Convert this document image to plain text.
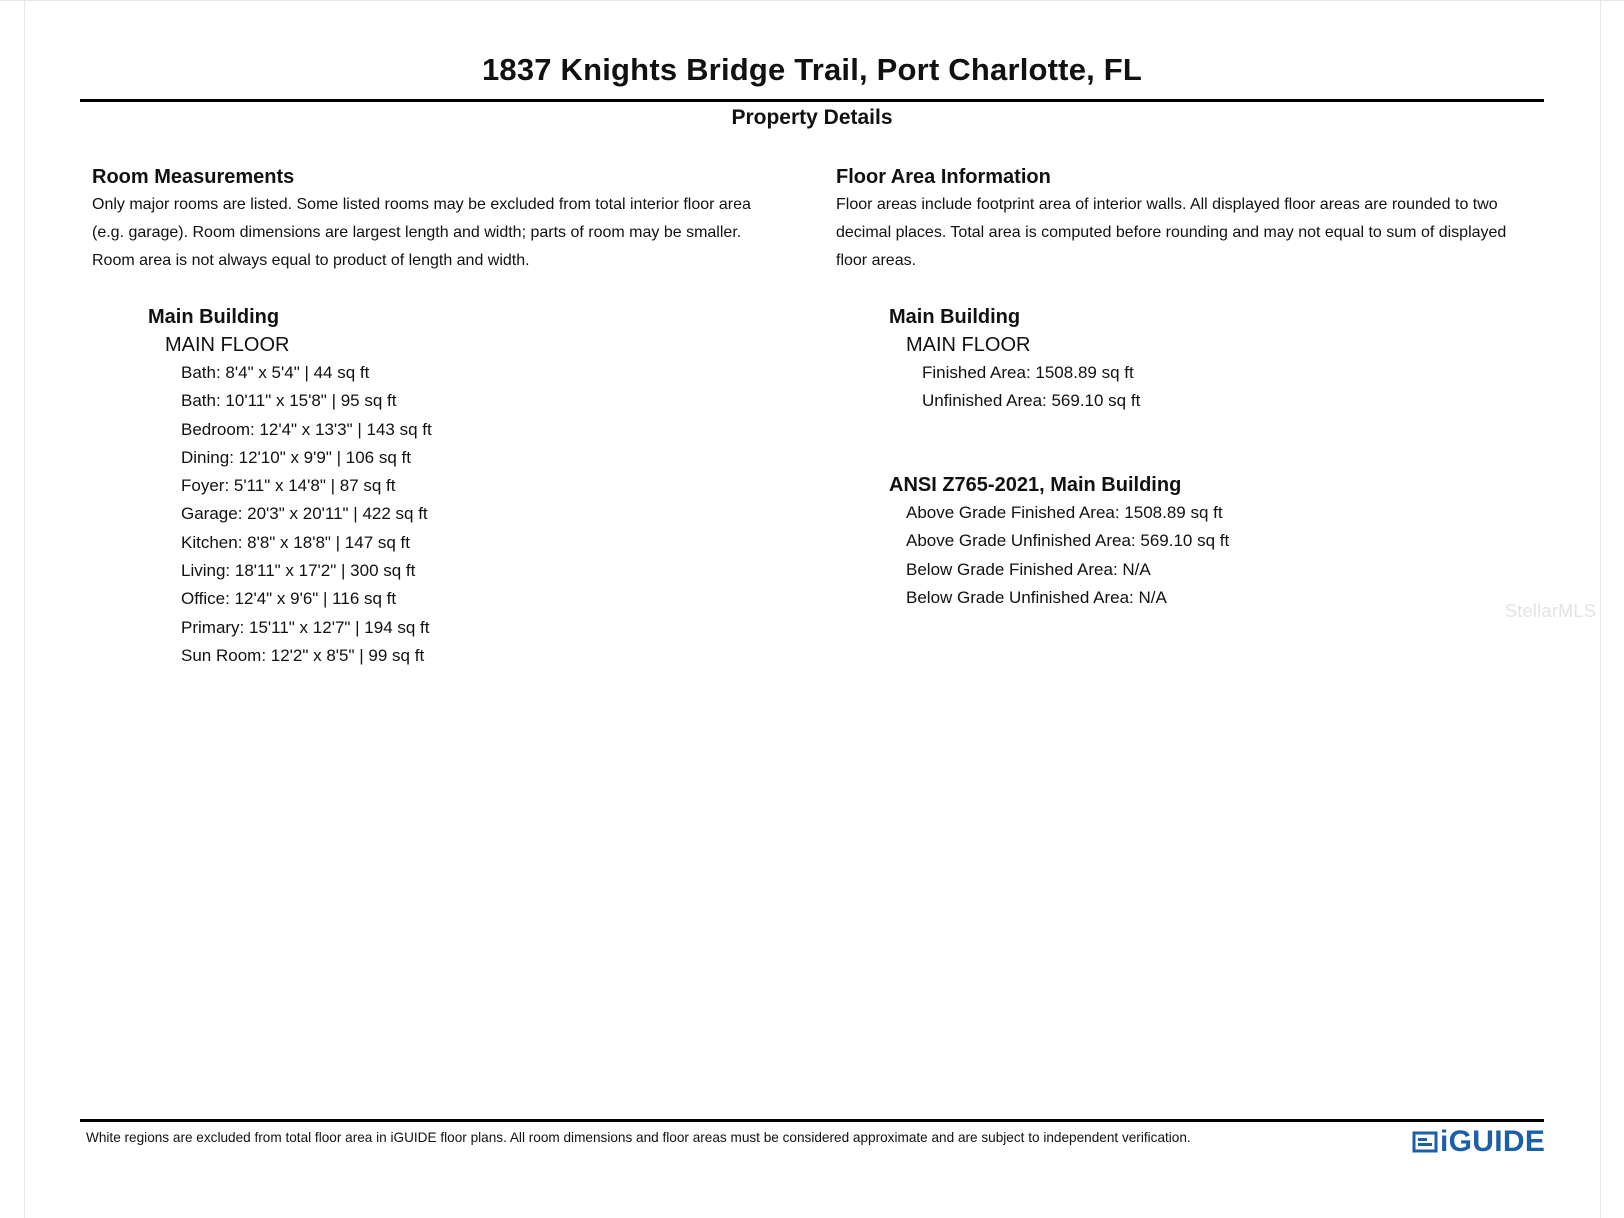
1837 Knights Bridge Trail, Port Charlotte, FL
Property Details

Room Measurements

Only major rooms are listed. Some listed rooms may be excluded from total interior floor area

(e.g. garage). Room dimensions are largest length and width; parts of room may be smaller.

Room area is not always equal to product of length and width.

Main Building
MAIN FLOOR
Bath: 8'4" x 5'4" | 44 sq ft
Bath: 10'11" x 15'8" | 95 sq ft
Bedroom: 12'4" x 13'3" | 143 sq ft
Dining: 12'10" x 9'9" | 106 sq ft
Foyer: 5'11" x 14'8" | 87 sq ft
Garage: 20'3" x 20'11" | 422 sq ft
Kitchen: 8'8" x 18'8" | 147 sq ft
Living: 18'11" x 17'2" | 300 sq ft
Office: 12'4" x 9'6" | 116 sq ft
Primary: 15'11" x 12'7" | 194 sq ft
Sun Room: 12'2" x 8'5" | 99 sq ft

Floor Area Information

Floor areas include footprint area of interior walls. All displayed floor areas are rounded to two

decimal places. Total area is computed before rounding and may not equal to sum of displayed

floor areas.

Main Building
MAIN FLOOR
Finished Area: 1508.89 sq ft
Unfinished Area: 569.10 sq ft
ANSI Z765-2021, Main Building
Above Grade Finished Area: 1508.89 sq ft
Above Grade Unfinished Area: 569.10 sq ft
Below Grade Finished Area: N/A
Below Grade Unfinished Area: N/A
StellarMLS
White regions are excluded from total floor area in iGUIDE floor plans. All room dimensions and floor areas must be considered approximate and are subject to independent verification.	iGUIDE
